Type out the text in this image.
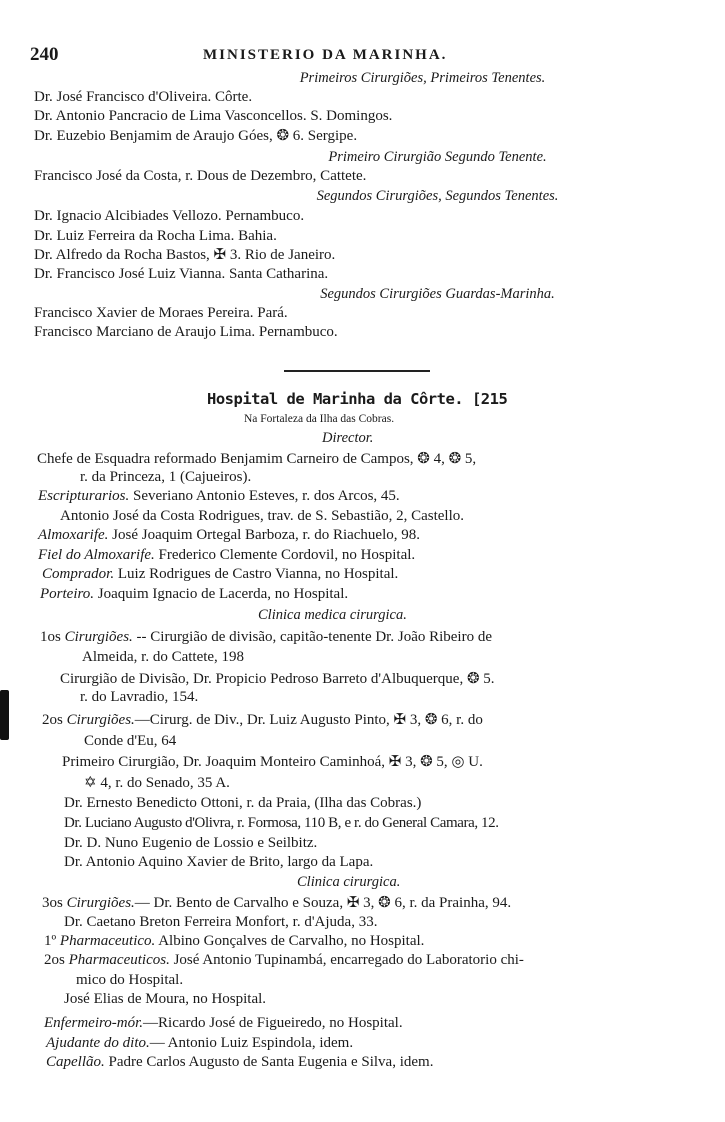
240	MINISTERIO DA MARINHA.
Primeiros Cirurgiões, Primeiros Tenentes.
Dr. José Francisco d'Oliveira. Côrte.
Dr. Antonio Pancracio de Lima Vasconcellos. S. Domingos.
Dr. Euzebio Benjamim de Araujo Góes, ❂ 6. Sergipe.
Primeiro Cirurgião Segundo Tenente.
Francisco José da Costa, r. Dous de Dezembro, Cattete.
Segundos Cirurgiões, Segundos Tenentes.
Dr. Ignacio Alcibiades Vellozo. Pernambuco.
Dr. Luiz Ferreira da Rocha Lima. Bahia.
Dr. Alfredo da Rocha Bastos, ✠ 3. Rio de Janeiro.
Dr. Francisco José Luiz Vianna. Santa Catharina.
Segundos Cirurgiões Guardas-Marinha.
Francisco Xavier de Moraes Pereira. Pará.
Francisco Marciano de Araujo Lima. Pernambuco.
Hospital de Marinha da Côrte. [215
Na Fortaleza da Ilha das Cobras.
Director.
Chefe de Esquadra reformado Benjamim Carneiro de Campos, ❂ 4, ❂ 5,
r. da Princeza, 1 (Cajueiros).
Escripturarios. Severiano Antonio Esteves, r. dos Arcos, 45.
Antonio José da Costa Rodrigues, trav. de S. Sebastião, 2, Castello.
Almoxarife. José Joaquim Ortegal Barboza, r. do Riachuelo, 98.
Fiel do Almoxarife. Frederico Clemente Cordovil, no Hospital.
Comprador. Luiz Rodrigues de Castro Vianna, no Hospital.
Porteiro. Joaquim Ignacio de Lacerda, no Hospital.
Clinica medica cirurgica.
1os Cirurgiões. -- Cirurgião de divisão, capitão-tenente Dr. João Ribeiro de
Almeida, r. do Cattete, 198
Cirurgião de Divisão, Dr. Propicio Pedroso Barreto d'Albuquerque, ❂ 5.
r. do Lavradio, 154.
2os Cirurgiões.—Cirurg. de Div., Dr. Luiz Augusto Pinto, ✠ 3, ❂ 6, r. do
Conde d'Eu, 64
Primeiro Cirurgião, Dr. Joaquim Monteiro Caminhoá, ✠ 3, ❂ 5, ◎ U.
✡ 4, r. do Senado, 35 A.
Dr. Ernesto Benedicto Ottoni, r. da Praia, (Ilha das Cobras.)
Dr. Luciano Augusto d'Olivra, r. Formosa, 110 B, e r. do General Camara, 12.
Dr. D. Nuno Eugenio de Lossio e Seilbitz.
Dr. Antonio Aquino Xavier de Brito, largo da Lapa.
Clinica cirurgica.
3os Cirurgiões.— Dr. Bento de Carvalho e Souza, ✠ 3, ❂ 6, r. da Prainha, 94.
Dr. Caetano Breton Ferreira Monfort, r. d'Ajuda, 33.
1º Pharmaceutico. Albino Gonçalves de Carvalho, no Hospital.
2os Pharmaceuticos. José Antonio Tupinambá, encarregado do Laboratorio chi-
mico do Hospital.
José Elias de Moura, no Hospital.
Enfermeiro-mór.—Ricardo José de Figueiredo, no Hospital.
Ajudante do dito.— Antonio Luiz Espindola, idem.
Capellão. Padre Carlos Augusto de Santa Eugenia e Silva, idem.
